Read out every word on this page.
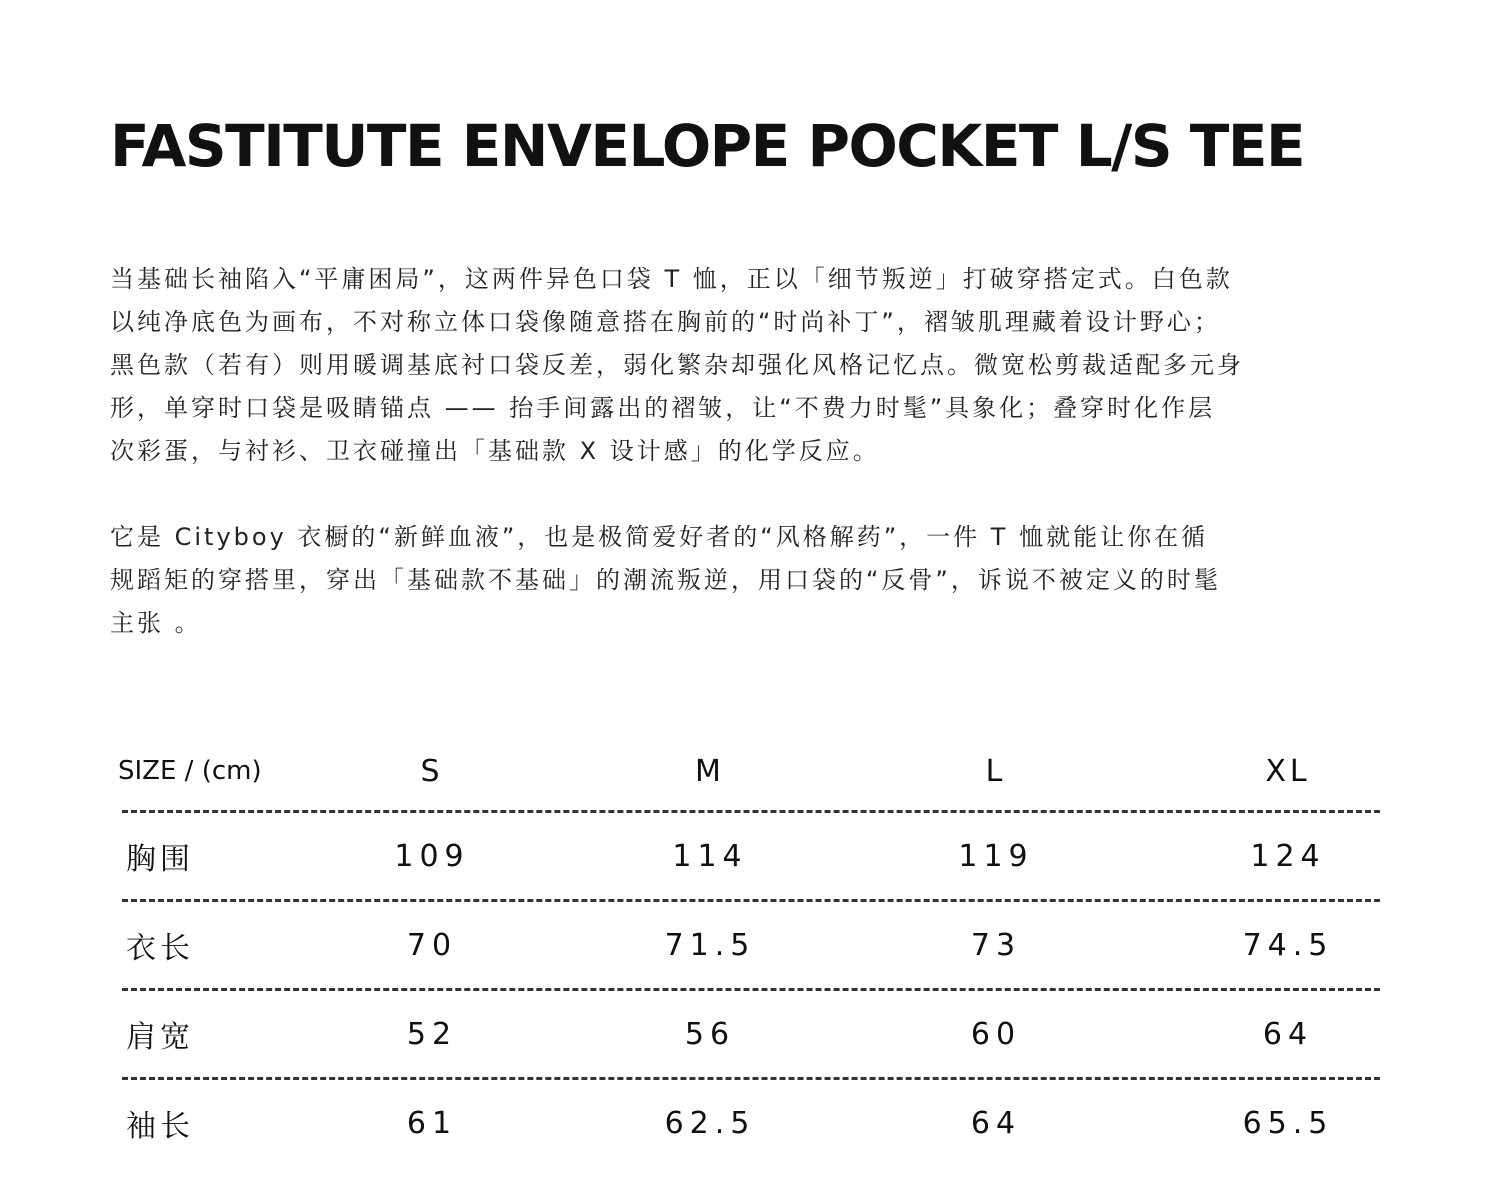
FASTITUTE ENVELOPE POCKET L/S TEE
当基础长袖陷入“平庸困局”，这两件异色口袋 T 恤，正以「细节叛逆」打破穿搭定式。白色款
以纯净底色为画布，不对称立体口袋像随意搭在胸前的“时尚补丁”，褶皱肌理藏着设计野心；
黑色款（若有）则用暖调基底衬口袋反差，弱化繁杂却强化风格记忆点。微宽松剪裁适配多元身
形，单穿时口袋是吸睛锚点 —— 抬手间露出的褶皱，让“不费力时髦”具象化；叠穿时化作层
次彩蛋，与衬衫、卫衣碰撞出「基础款 X 设计感」的化学反应。
它是 Cityboy 衣橱的“新鲜血液”，也是极简爱好者的“风格解药”，一件 T 恤就能让你在循
规蹈矩的穿搭里，穿出「基础款不基础」的潮流叛逆，用口袋的“反骨”，诉说不被定义的时髦
主张 。
SIZE / (cm)	S	M	L	XL
胸围	109	114	119	124
衣长	70	71.5	73	74.5
肩宽	52	56	60	64
袖长	61	62.5	64	65.5
